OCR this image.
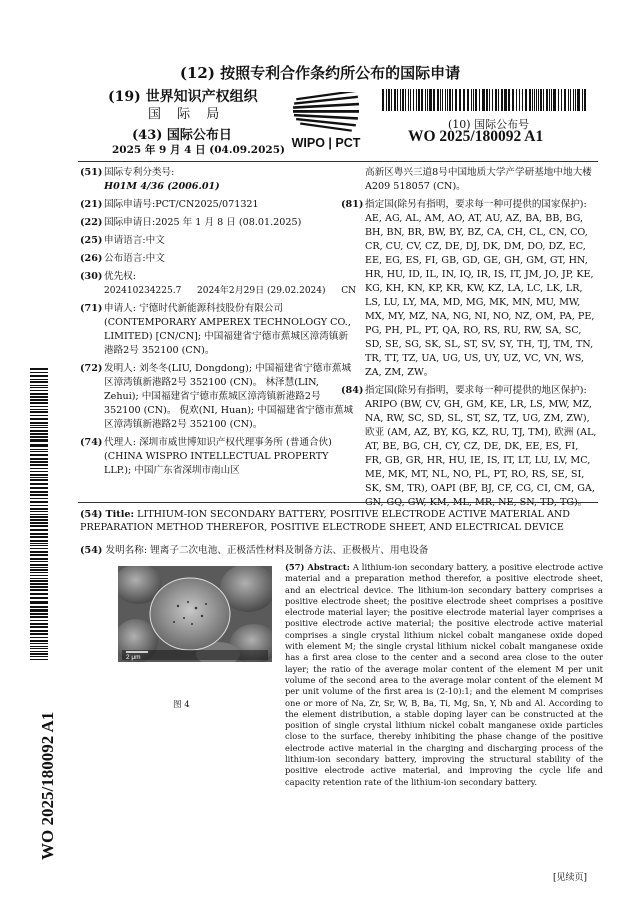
(12) 按照专利合作条约所公布的国际申请
(19) 世界知识产权组织
国 际 局
(43) 国际公布日
2025 年 9 月 4 日 (04.09.2025) WIPO | PCT
(10) 国际公布号
WO 2025/180092 A1
WO 2025/180092 A1
(51) 国际专利分类号:
H01M 4/36 (2006.01)
(21) 国际申请号:PCT/CN2025/071321
(22) 国际申请日:2025 年 1 月 8 日 (08.01.2025)
(25) 申请语言:中文
(26) 公布语言:中文
(30) 优先权:
202410234225.7 2024年2月29日 (29.02.2024) CN
(71) 申请人: 宁德时代新能源科技股份有限公司 (CONTEMPORARY AMPEREX TECHNOLOGY CO., LIMITED) [CN/CN]; 中国福建省宁德市蕉城区漳湾镇新港路2号 352100 (CN)。
(72) 发明人: 刘冬冬(LIU, Dongdong); 中国福建省宁德市蕉城区漳湾镇新港路2号 352100 (CN)。 林泽慧(LIN, Zehui); 中国福建省宁德市蕉城区漳湾镇新港路2号 352100 (CN)。 倪欢(NI, Huan); 中国福建省宁德市蕉城区漳湾镇新港路2号 352100 (CN)。
(74) 代理人: 深圳市威世博知识产权代理事务所 (普通合伙) (CHINA WISPRO INTELLECTUAL PROPERTY LLP.); 中国广东省深圳市南山区
高新区粤兴三道8号中国地质大学产学研基地中地大楼A209 518057 (CN)。
(81) 指定国(除另有指明，要求每一种可提供的国家保护): AE, AG, AL, AM, AO, AT, AU, AZ, BA, BB, BG, BH, BN, BR, BW, BY, BZ, CA, CH, CL, CN, CO, CR, CU, CV, CZ, DE, DJ, DK, DM, DO, DZ, EC, EE, EG, ES, FI, GB, GD, GE, GH, GM, GT, HN, HR, HU, ID, IL, IN, IQ, IR, IS, IT, JM, JO, JP, KE, KG, KH, KN, KP, KR, KW, KZ, LA, LC, LK, LR, LS, LU, LY, MA, MD, MG, MK, MN, MU, MW, MX, MY, MZ, NA, NG, NI, NO, NZ, OM, PA, PE, PG, PH, PL, PT, QA, RO, RS, RU, RW, SA, SC, SD, SE, SG, SK, SL, ST, SV, SY, TH, TJ, TM, TN, TR, TT, TZ, UA, UG, US, UY, UZ, VC, VN, WS, ZA, ZM, ZW。
(84) 指定国(除另有指明，要求每一种可提供的地区保护): ARIPO (BW, CV, GH, GM, KE, LR, LS, MW, MZ, NA, RW, SC, SD, SL, ST, SZ, TZ, UG, ZM, ZW), 欧亚 (AM, AZ, BY, KG, KZ, RU, TJ, TM), 欧洲 (AL, AT, BE, BG, CH, CY, CZ, DE, DK, EE, ES, FI, FR, GB, GR, HR, HU, IE, IS, IT, LT, LU, LV, MC, ME, MK, MT, NL, NO, PL, PT, RO, RS, SE, SI, SK, SM, TR), OAPI (BF, BJ, CF, CG, CI, CM, GA, GN, GQ, GW, KM, ML, MR, NE, SN, TD, TG)。
(54) Title: LITHIUM-ION SECONDARY BATTERY, POSITIVE ELECTRODE ACTIVE MATERIAL AND PREPARATION METHOD THEREFOR, POSITIVE ELECTRODE SHEET, AND ELECTRICAL DEVICE
(54) 发明名称: 锂离子二次电池、正极活性材料及制备方法、正极极片、用电设备
2 μm
图 4
(57) Abstract: A lithium-ion secondary battery, a positive electrode active material and a preparation method therefor, a positive electrode sheet, and an electrical device. The lithium-ion secondary battery comprises a positive electrode sheet; the positive electrode sheet comprises a positive electrode material layer; the positive electrode material layer comprises a positive electrode active material; the positive electrode active material comprises a single crystal lithium nickel cobalt manganese oxide doped with element M; the single crystal lithium nickel cobalt manganese oxide has a first area close to the center and a second area close to the outer layer; the ratio of the average molar content of the element M per unit volume of the second area to the average molar content of the element M per unit volume of the first area is (2-10):1; and the element M comprises one or more of Na, Zr, Sr, W, B, Ba, Ti, Mg, Sn, Y, Nb and Al. According to the element distribution, a stable doping layer can be constructed at the position of single crystal lithium nickel cobalt manganese oxide particles close to the surface, thereby inhibiting the phase change of the positive electrode active material in the charging and discharging process of the lithium-ion secondary battery, improving the structural stability of the positive electrode active material, and improving the cycle life and capacity retention rate of the lithium-ion secondary battery.
[见续页]
